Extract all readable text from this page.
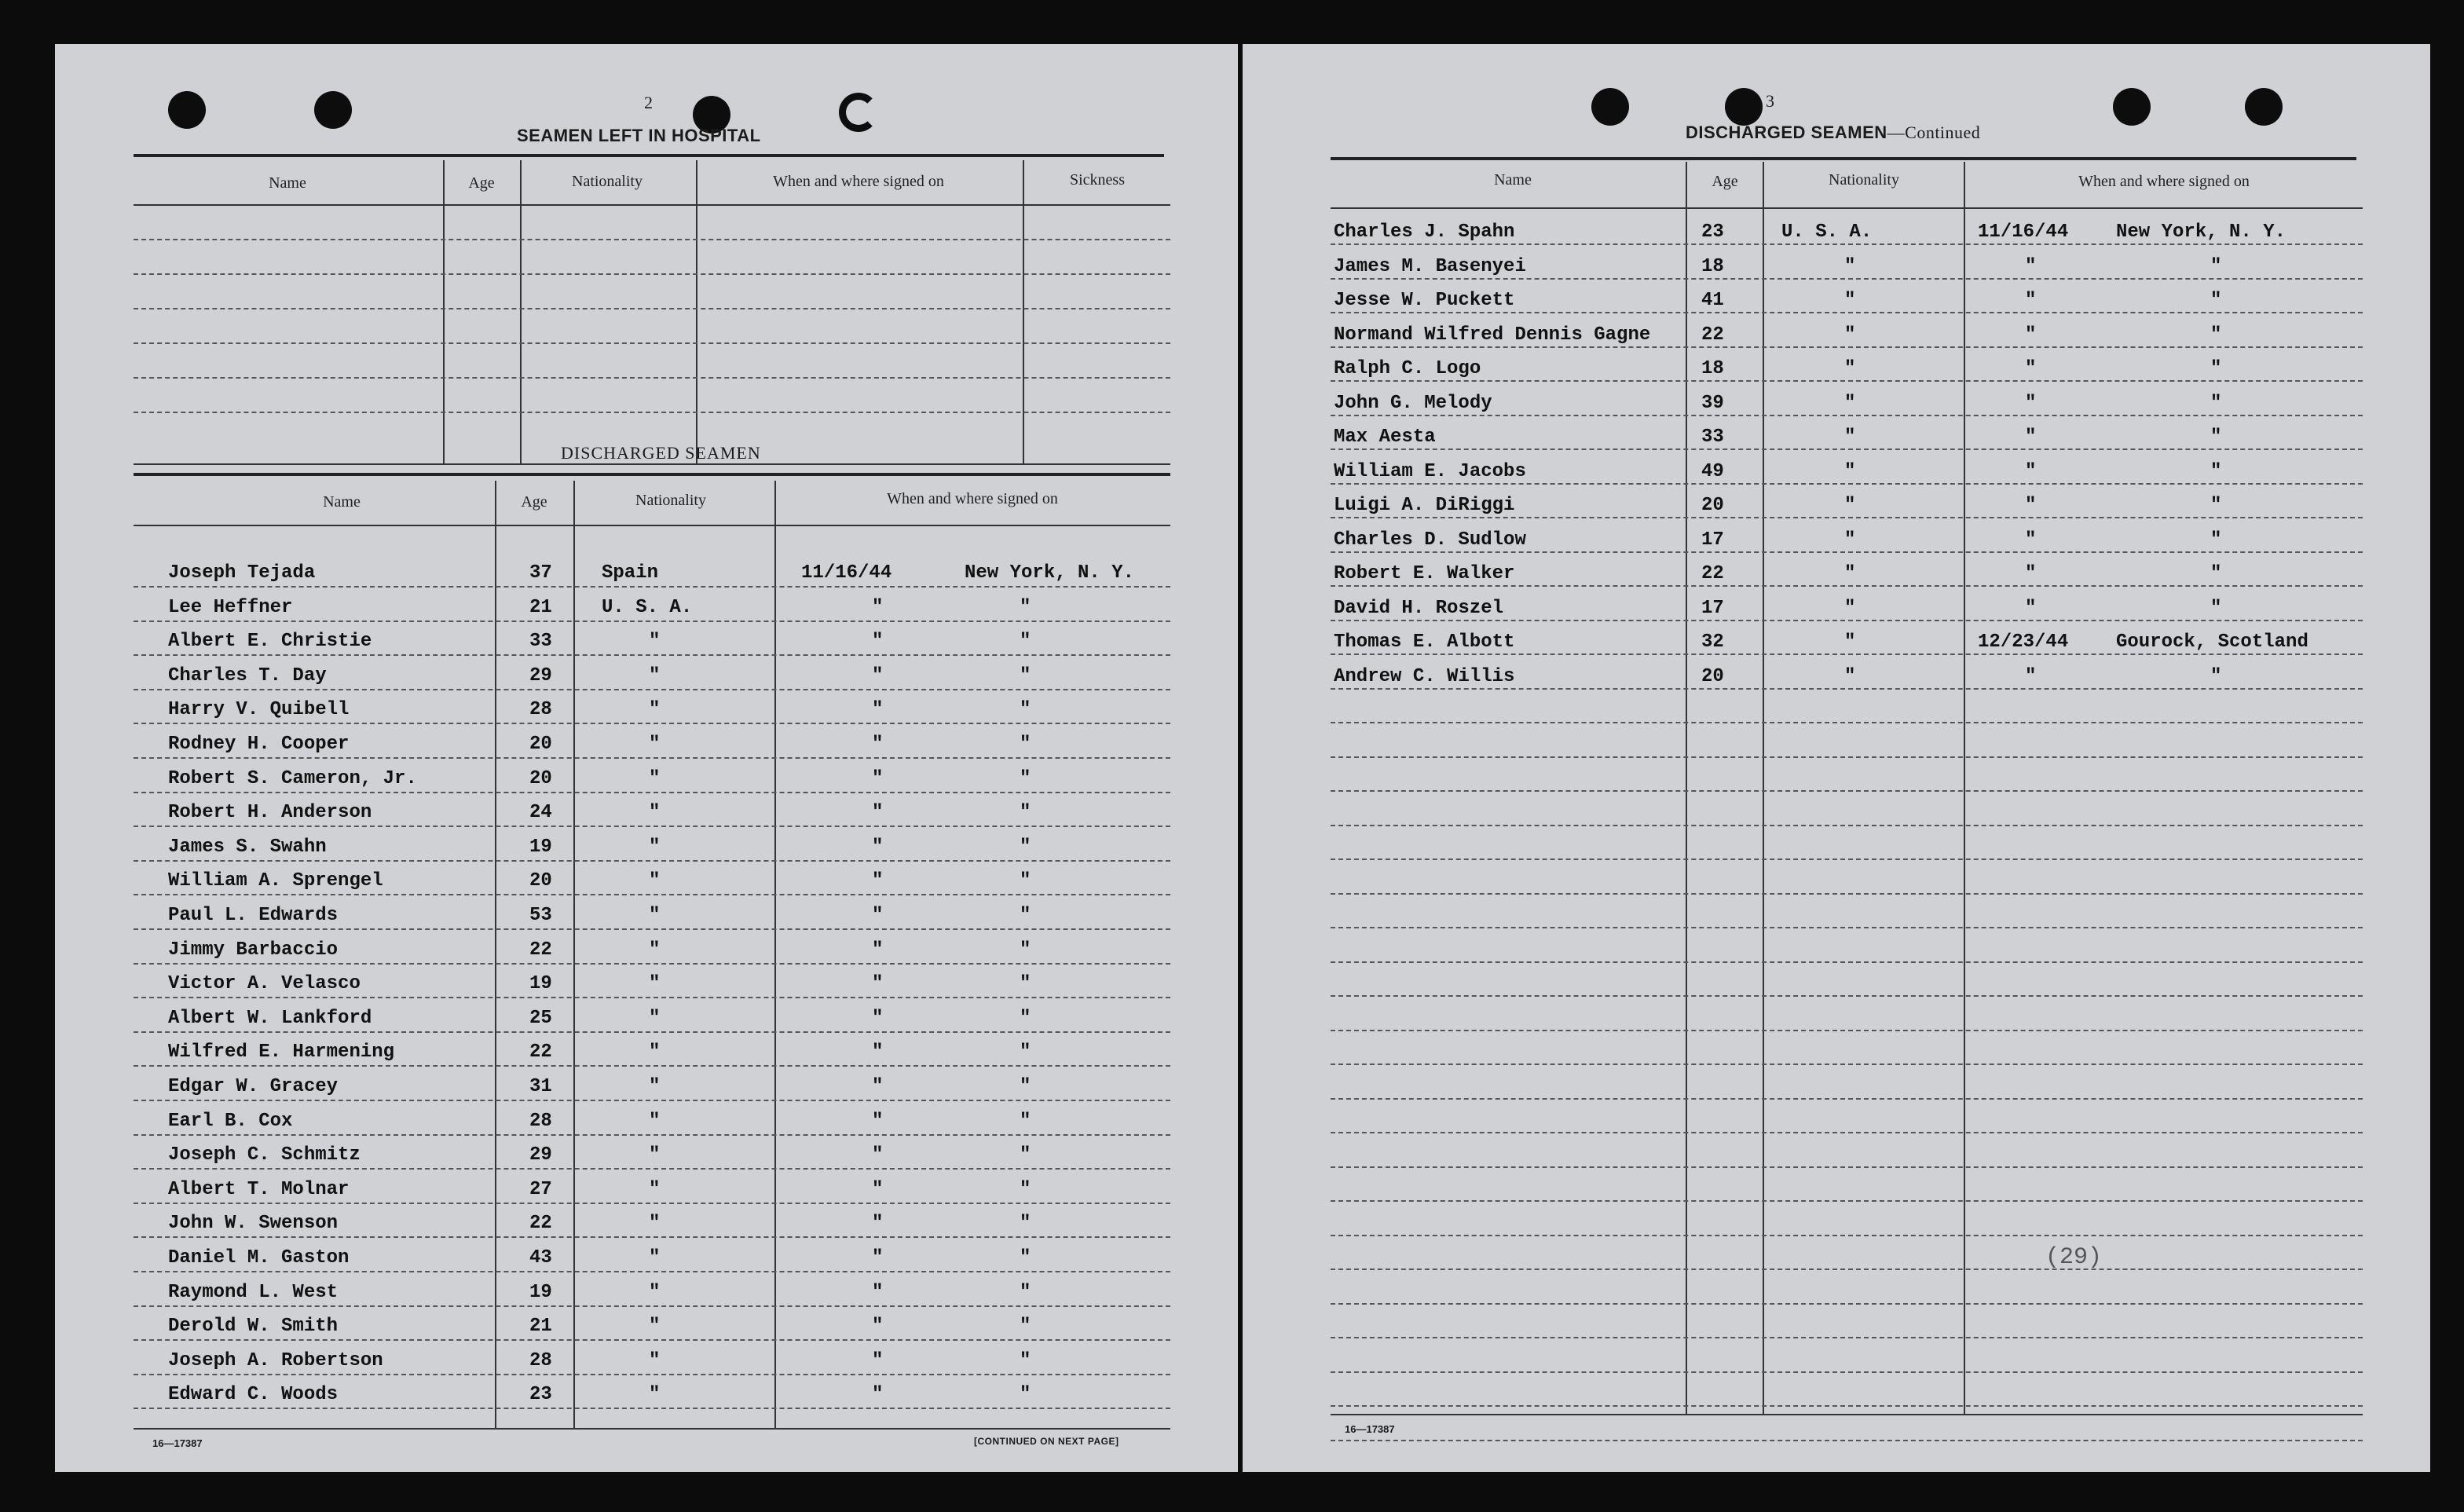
2
SEAMEN LEFT IN HOSPITAL
Name	Age	Nationality	When and where signed on	Sickness
DISCHARGED SEAMEN
Name	Age	Nationality	When and where signed on
Joseph Tejada	37	Spain	11/16/44	New York, N. Y.
Lee Heffner	21	U. S. A.	"	"
Albert E. Christie	33	"	"	"
Charles T. Day	29	"	"	"
Harry V. Quibell	28	"	"	"
Rodney H. Cooper	20	"	"	"
Robert S. Cameron, Jr.	20	"	"	"
Robert H. Anderson	24	"	"	"
James S. Swahn	19	"	"	"
William A. Sprengel	20	"	"	"
Paul L. Edwards	53	"	"	"
Jimmy Barbaccio	22	"	"	"
Victor A. Velasco	19	"	"	"
Albert W. Lankford	25	"	"	"
Wilfred E. Harmening	22	"	"	"
Edgar W. Gracey	31	"	"	"
Earl B. Cox	28	"	"	"
Joseph C. Schmitz	29	"	"	"
Albert T. Molnar	27	"	"	"
John W. Swenson	22	"	"	"
Daniel M. Gaston	43	"	"	"
Raymond L. West	19	"	"	"
Derold W. Smith	21	"	"	"
Joseph A. Robertson	28	"	"	"
Edward C. Woods	23	"	"	"
16—17387	[CONTINUED ON NEXT PAGE]
3
DISCHARGED SEAMEN—Continued
Name	Age	Nationality	When and where signed on
Charles J. Spahn	23	U. S. A.	11/16/44	New York, N. Y.
James M. Basenyei	18	"	"	"
Jesse W. Puckett	41	"	"	"
Normand Wilfred Dennis Gagne	22	"	"	"
Ralph C. Logo	18	"	"	"
John G. Melody	39	"	"	"
Max Aesta	33	"	"	"
William E. Jacobs	49	"	"	"
Luigi A. DiRiggi	20	"	"	"
Charles D. Sudlow	17	"	"	"
Robert E. Walker	22	"	"	"
David H. Roszel	17	"	"	"
Thomas E. Albott	32	"	12/23/44	Gourock, Scotland
Andrew C. Willis	20	"	"	"
(29)
16—17387
